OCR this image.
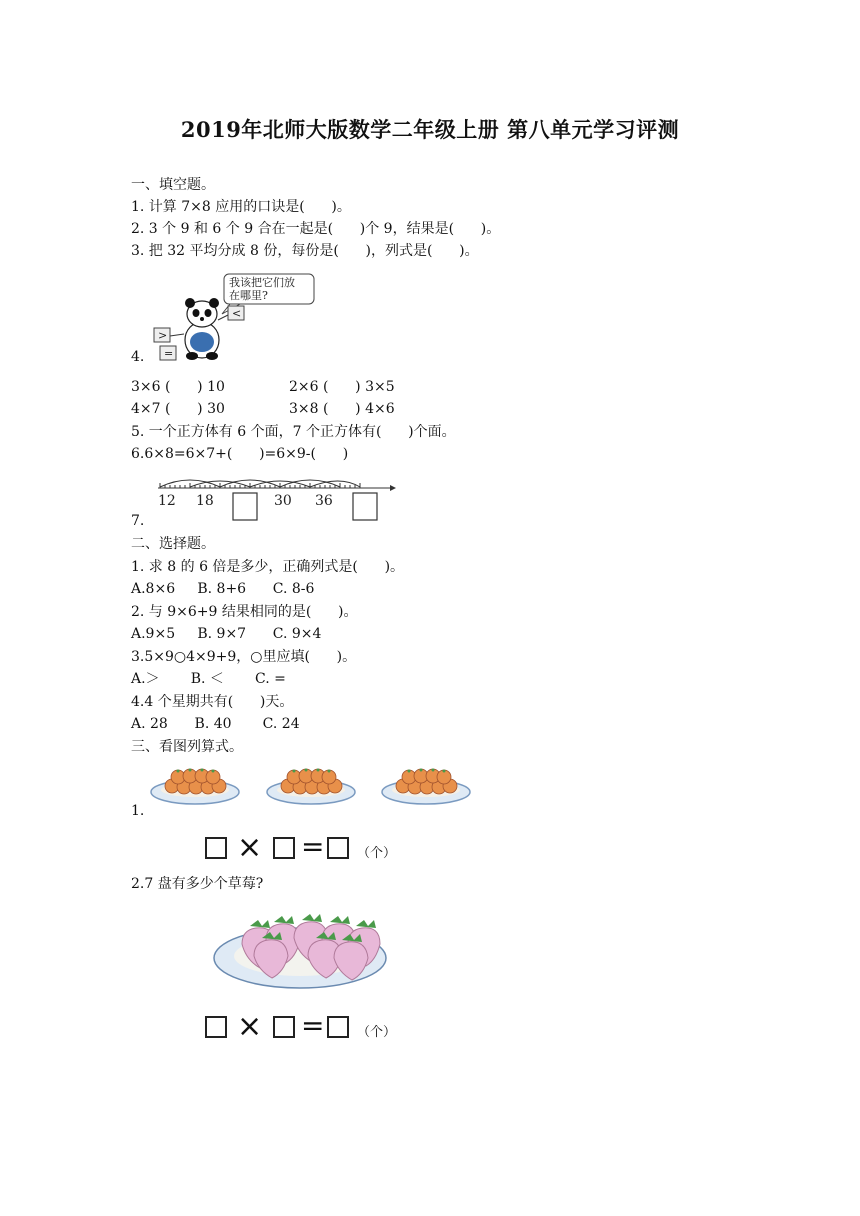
2019年北师大版数学二年级上册 第八单元学习评测
一、填空题。
1. 计算 7×8 应用的口诀是(      )。
2. 3 个 9 和 6 个 9 合在一起是(      )个 9，结果是(      )。
3. 把 32 平均分成 8 份，每份是(      )，列式是(      )。
我该把它们放
在哪里?
>
=
<
4.
3×6 (      ) 10	2×6 (      ) 3×5
4×7 (      ) 30	3×8 (      ) 4×6
5. 一个正方体有 6 个面，7 个正方体有(      )个面。
6.6×8=6×7+(      )=6×9-(      )
12 18	30 36
7.
二、选择题。
1. 求 8 的 6 倍是多少，正确列式是(      )。
A.8×6     B. 8+6      C. 8-6
2. 与 9×6+9 结果相同的是(      )。
A.9×5     B. 9×7      C. 9×4
3.5×9○4×9+9，○里应填(      )。
A.＞       B. ＜       C. =
4.4 个星期共有(      )天。
A. 28      B. 40       C. 24
三、看图列算式。
1.
× =	（个）
2.7 盘有多少个草莓?
× =	（个）
